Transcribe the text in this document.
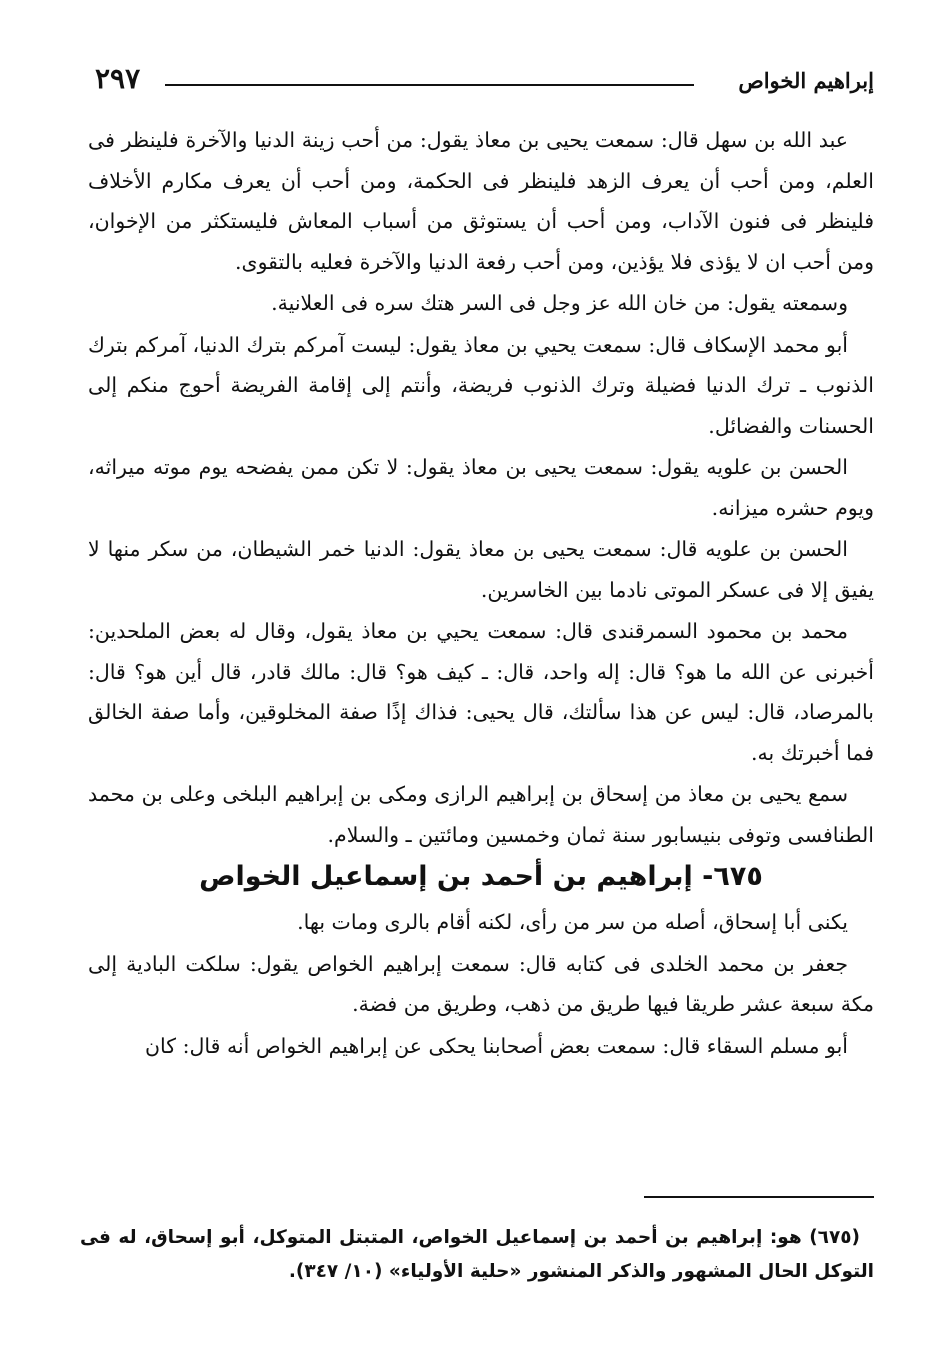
إبراهيم الخواص
٢٩٧

عبد الله بن سهل قال: سمعت يحيى بن معاذ يقول: من أحب زينة الدنيا والآخرة فلينظر فى العلم، ومن أحب أن يعرف الزهد فلينظر فى الحكمة، ومن أحب أن يعرف مكارم الأخلاف فلينظر فى فنون الآداب، ومن أحب أن يستوثق من أسباب المعاش فليستكثر من الإخوان، ومن أحب ان لا يؤذى فلا يؤذين، ومن أحب رفعة الدنيا والآخرة فعليه بالتقوى.

وسمعته يقول: من خان الله عز وجل فى السر هتك سره فى العلانية.

أبو محمد الإسكاف قال: سمعت يحيي بن معاذ يقول: ليست آمركم بترك الدنيا، آمركم بترك الذنوب ـ ترك الدنيا فضيلة وترك الذنوب فريضة، وأنتم إلى إقامة الفريضة أحوج منكم إلى الحسنات والفضائل.

الحسن بن علويه يقول: سمعت يحيى بن معاذ يقول: لا تكن ممن يفضحه يوم موته ميراثه، ويوم حشره ميزانه.

الحسن بن علويه قال: سمعت يحيى بن معاذ يقول: الدنيا خمر الشيطان، من سكر منها لا يفيق إلا فى عسكر الموتى نادما بين الخاسرين.

محمد بن محمود السمرقندى قال: سمعت يحيي بن معاذ يقول، وقال له بعض الملحدين: أخبرنى عن الله ما هو؟ قال: إله واحد، قال: ـ كيف هو؟ قال: مالك قادر، قال أين هو؟ قال: بالمرصاد، قال: ليس عن هذا سألتك، قال يحيى: فذاك إذًا صفة المخلوقين، وأما صفة الخالق فما أخبرتك به.

سمع يحيى بن معاذ من إسحاق بن إبراهيم الرازى ومكى بن إبراهيم البلخى وعلى بن محمد الطنافسى وتوفى بنيسابور سنة ثمان وخمسين ومائتين ـ والسلام.

٦٧٥- إبراهيم بن أحمد بن إسماعيل الخواص

يكنى أبا إسحاق، أصله من سر من رأى، لكنه أقام بالرى ومات بها.

جعفر بن محمد الخلدى فى كتابه قال: سمعت إبراهيم الخواص يقول: سلكت البادية إلى مكة سبعة عشر طريقا فيها طريق من ذهب، وطريق من فضة.

أبو مسلم السقاء قال: سمعت بعض أصحابنا يحكى عن إبراهيم الخواص أنه قال: كان

(٦٧٥) هو: إبراهيم بن أحمد بن إسماعيل الخواص، المتبتل المتوكل، أبو إسحاق، له فى التوكل الحال المشهور والذكر المنشور «حلية الأولياء» (١٠/ ٣٤٧).
